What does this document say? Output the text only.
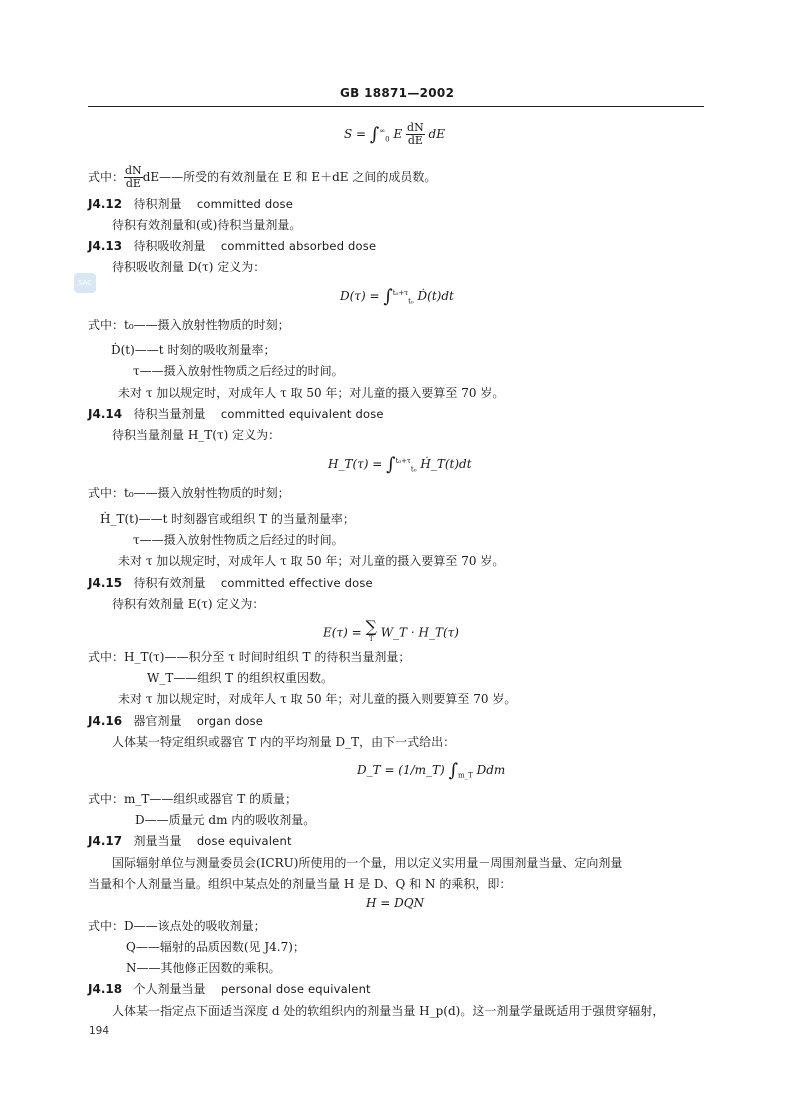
GB 18871—2002
$S = \int^\infty_0$ E $\frac{dN}{dE}$ dE
式中： $\frac{dN}{dE}$ dE——所受的有效剂量在 E 和 E＋dE 之间的成员数。
J4.12 待积剂量 committed dose
待积有效剂量和(或)待积当量剂量。
J4.13 待积吸收剂量 committed absorbed dose
待积吸收剂量 D(τ) 定义为：
SAC
D(τ) = ∫$^{t_0+\tau}_{t_0}$ Ḋ(t)dt
式中：t₀——摄入放射性物质的时刻；
Ḋ(t)——t 时刻的吸收剂量率；
τ——摄入放射性物质之后经过的时间。
未对 τ 加以规定时，对成年人 τ 取 50 年；对儿童的摄入要算至 70 岁。
J4.14 待积当量剂量 committed equivalent dose
待积当量剂量 H_T(τ) 定义为：
H_T(τ) = ∫$^{t_0+\tau}_{t_0}$ Ḣ_T(t)dt
式中：t₀——摄入放射性物质的时刻；
Ḣ_T(t)——t 时刻器官或组织 T 的当量剂量率；
τ——摄入放射性物质之后经过的时间。
未对 τ 加以规定时，对成年人 τ 取 50 年；对儿童的摄入要算至 70 岁。
J4.15 待积有效剂量 committed effective dose
待积有效剂量 E(τ) 定义为：
E(τ) = ∑
T W_T · H_T(τ)
式中：H_T(τ)——积分至 τ 时间时组织 T 的待积当量剂量；
W_T——组织 T 的组织权重因数。
未对 τ 加以规定时，对成年人 τ 取 50 年；对儿童的摄入则要算至 70 岁。
J4.16 器官剂量 organ dose
人体某一特定组织或器官 T 内的平均剂量 D_T，由下一式给出：
D_T = (1/m_T) $\int_{m\_T}$ Ddm
式中：m_T——组织或器官 T 的质量；
D——质量元 dm 内的吸收剂量。
J4.17 剂量当量 dose equivalent
国际辐射单位与测量委员会(ICRU)所使用的一个量，用以定义实用量－周围剂量当量、定向剂量
当量和个人剂量当量。组织中某点处的剂量当量 H 是 D、Q 和 N 的乘积，即：
H = DQN
式中：D——该点处的吸收剂量；
Q——辐射的品质因数(见 J4.7)；
N——其他修正因数的乘积。
J4.18 个人剂量当量 personal dose equivalent
人体某一指定点下面适当深度 d 处的软组织内的剂量当量 H_p(d)。这一剂量学量既适用于强贯穿辐射，
194
